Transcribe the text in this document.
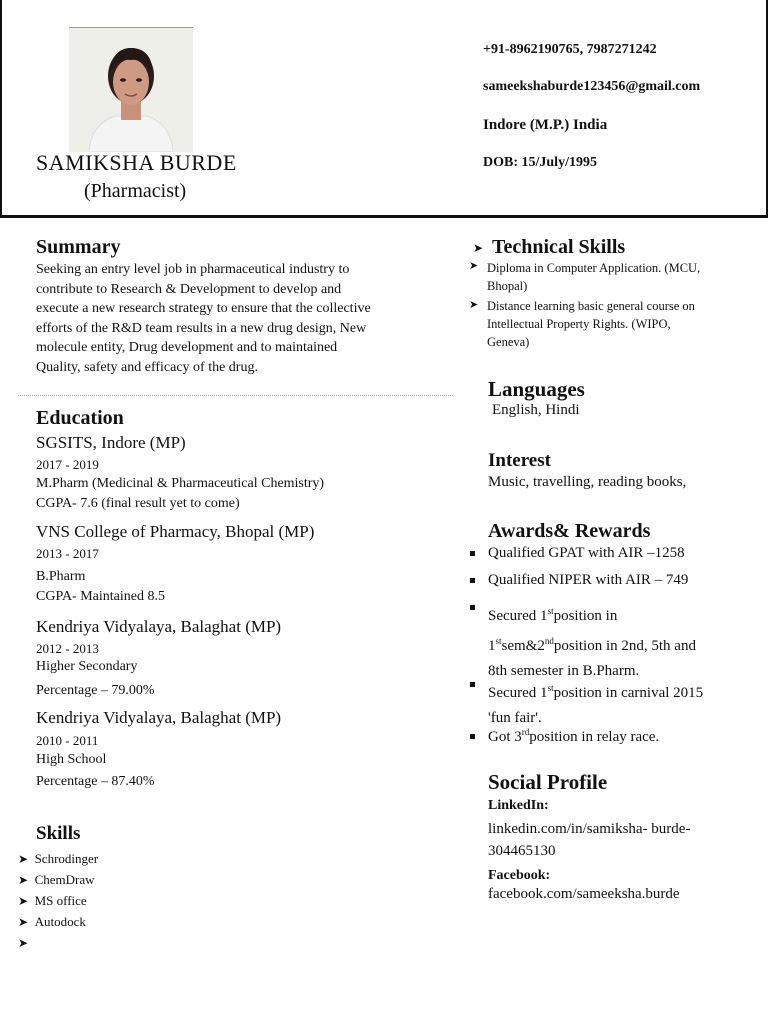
SAMIKSHA BURDE
(Pharmacist)
+91-8962190765, 7987271242
sameekshaburde123456@gmail.com
Indore (M.P.) India
DOB: 15/July/1995
Summary
Seeking an entry level job in pharmaceutical industry to
contribute to Research & Development to develop and
execute a new research strategy to ensure that the collective
efforts of the R&D team results in a new drug design, New
molecule entity, Drug development and to maintained
Quality, safety and efficacy of the drug.
Education
SGSITS, Indore (MP)
2017 - 2019
M.Pharm (Medicinal & Pharmaceutical Chemistry)
CGPA- 7.6 (final result yet to come)
VNS College of Pharmacy, Bhopal (MP)
2013 - 2017
B.Pharm
CGPA- Maintained 8.5
Kendriya Vidyalaya, Balaghat (MP)
2012 - 2013
Higher Secondary
Percentage – 79.00%
Kendriya Vidyalaya, Balaghat (MP)
2010 - 2011
High School
Percentage – 87.40%
Skills
➤ Schrodinger
➤ ChemDraw
➤ MS office
➤ Autodock
➤
➤ Technical Skills
➤ Diploma in Computer Application. (MCU,
Bhopal)
➤ Distance learning basic general course on
Intellectual Property Rights. (WIPO,
Geneva)
Languages
English, Hindi
Interest
Music, travelling, reading books,
Awards& Rewards
Qualified GPAT with AIR –1258
Qualified NIPER with AIR – 749
Secured 1stposition in
1stsem&2ndposition in 2nd, 5th and
8th semester in B.Pharm.
Secured 1stposition in carnival 2015
'fun fair'.
Got 3rdposition in relay race.
Social Profile
LinkedIn:
linkedin.com/in/samiksha- burde-
304465130
Facebook:
facebook.com/sameeksha.burde
